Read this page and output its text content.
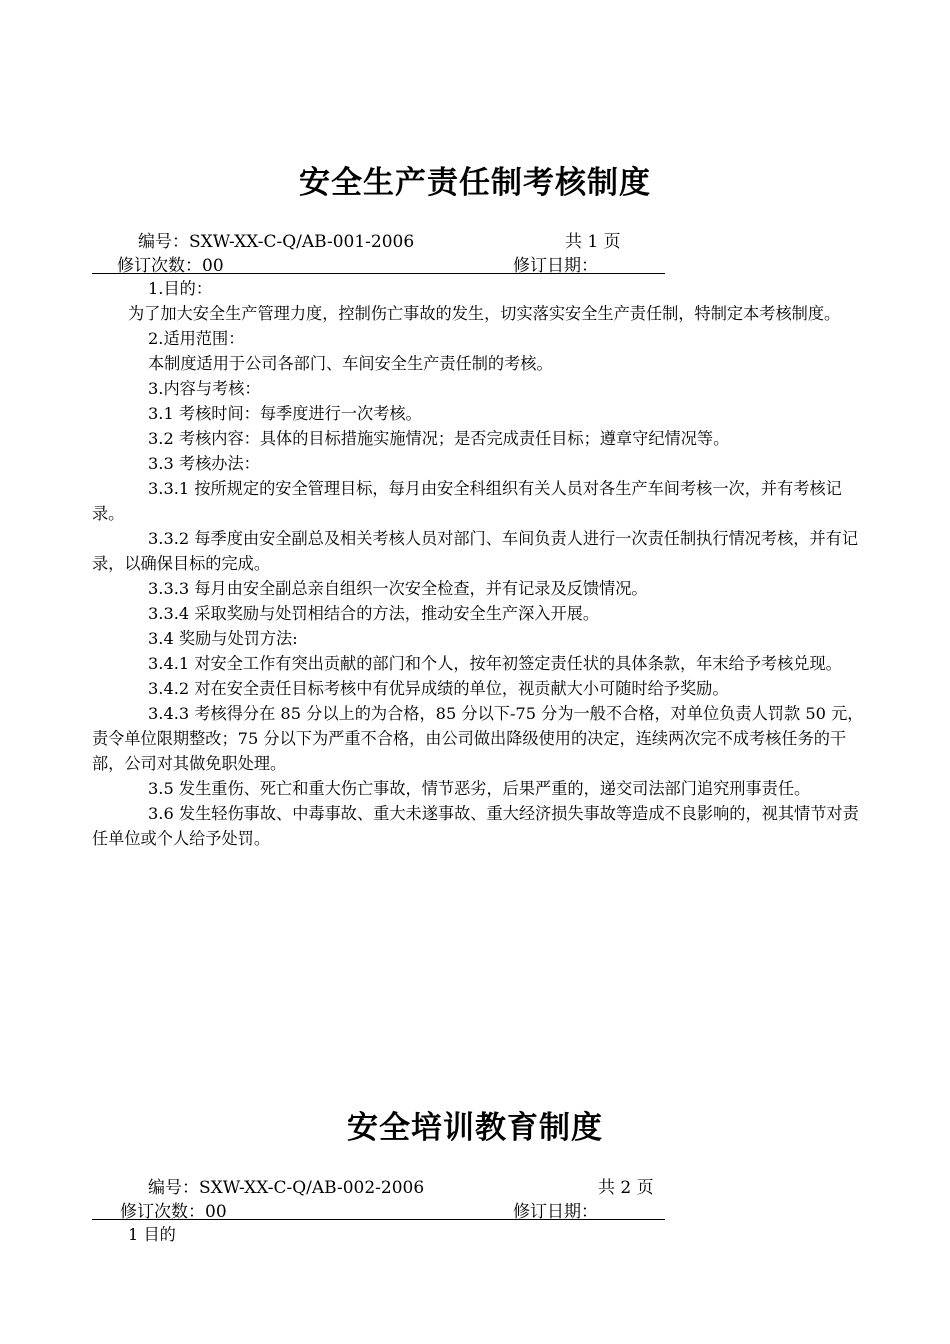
安全生产责任制考核制度
编号：SXW-XX-C-Q/AB-001-2006	共 1 页
修订次数：00	修订日期：

1.目的：

为了加大安全生产管理力度，控制伤亡事故的发生，切实落实安全生产责任制，特制定本考核制度。

2.适用范围：

本制度适用于公司各部门、车间安全生产责任制的考核。

3.内容与考核：

3.1 考核时间：每季度进行一次考核。

3.2 考核内容：具体的目标措施实施情况；是否完成责任目标；遵章守纪情况等。

3.3 考核办法：

3.3.1 按所规定的安全管理目标，每月由安全科组织有关人员对各生产车间考核一次，并有考核记录。

3.3.2 每季度由安全副总及相关考核人员对部门、车间负责人进行一次责任制执行情况考核，并有记录，以确保目标的完成。

3.3.3 每月由安全副总亲自组织一次安全检查，并有记录及反馈情况。

3.3.4 采取奖励与处罚相结合的方法，推动安全生产深入开展。

3.4 奖励与处罚方法:

3.4.1 对安全工作有突出贡献的部门和个人，按年初签定责任状的具体条款，年末给予考核兑现。

3.4.2 对在安全责任目标考核中有优异成绩的单位，视贡献大小可随时给予奖励。

3.4.3 考核得分在 85 分以上的为合格，85 分以下-75 分为一般不合格，对单位负责人罚款 50 元，责令单位限期整改；75 分以下为严重不合格，由公司做出降级使用的决定，连续两次完不成考核任务的干部，公司对其做免职处理。

3.5 发生重伤、死亡和重大伤亡事故，情节恶劣，后果严重的，递交司法部门追究刑事责任。

3.6 发生轻伤事故、中毒事故、重大未遂事故、重大经济损失事故等造成不良影响的，视其情节对责任单位或个人给予处罚。

安全培训教育制度
编号：SXW-XX-C-Q/AB-002-2006	共 2 页
修订次数：00	修订日期：

1 目的
